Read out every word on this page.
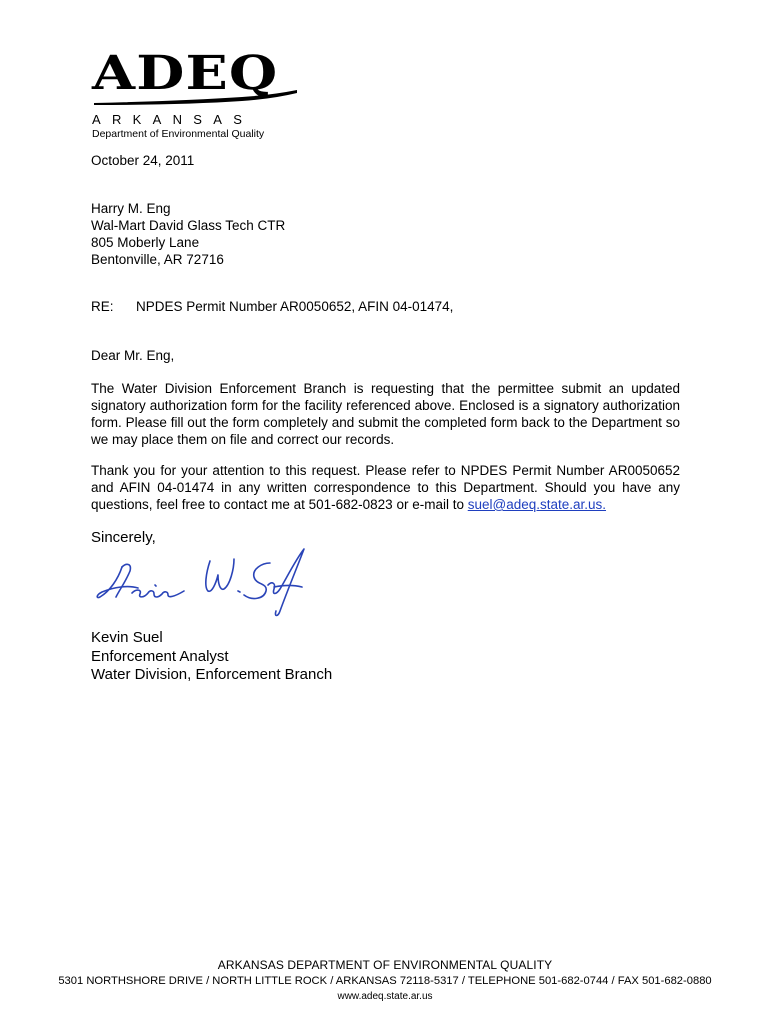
ADEQ
ARKANSAS
Department of Environmental Quality
October 24, 2011
Harry M. Eng
Wal-Mart David Glass Tech CTR
805 Moberly Lane
Bentonville, AR 72716
RE: NPDES Permit Number AR0050652, AFIN 04-01474,
Dear Mr. Eng,
The Water Division Enforcement Branch is requesting that the permittee submit an updated signatory authorization form for the facility referenced above. Enclosed is a signatory authorization form. Please fill out the form completely and submit the completed form back to the Department so we may place them on file and correct our records.
Thank you for your attention to this request. Please refer to NPDES Permit Number AR0050652 and AFIN 04-01474 in any written correspondence to this Department. Should you have any questions, feel free to contact me at 501-682-0823 or e-mail to suel@adeq.state.ar.us.
Sincerely,
Kevin Suel
Enforcement Analyst
Water Division, Enforcement Branch
ARKANSAS DEPARTMENT OF ENVIRONMENTAL QUALITY
5301 NORTHSHORE DRIVE / NORTH LITTLE ROCK / ARKANSAS 72118-5317 / TELEPHONE 501-682-0744 / FAX 501-682-0880
www.adeq.state.ar.us
